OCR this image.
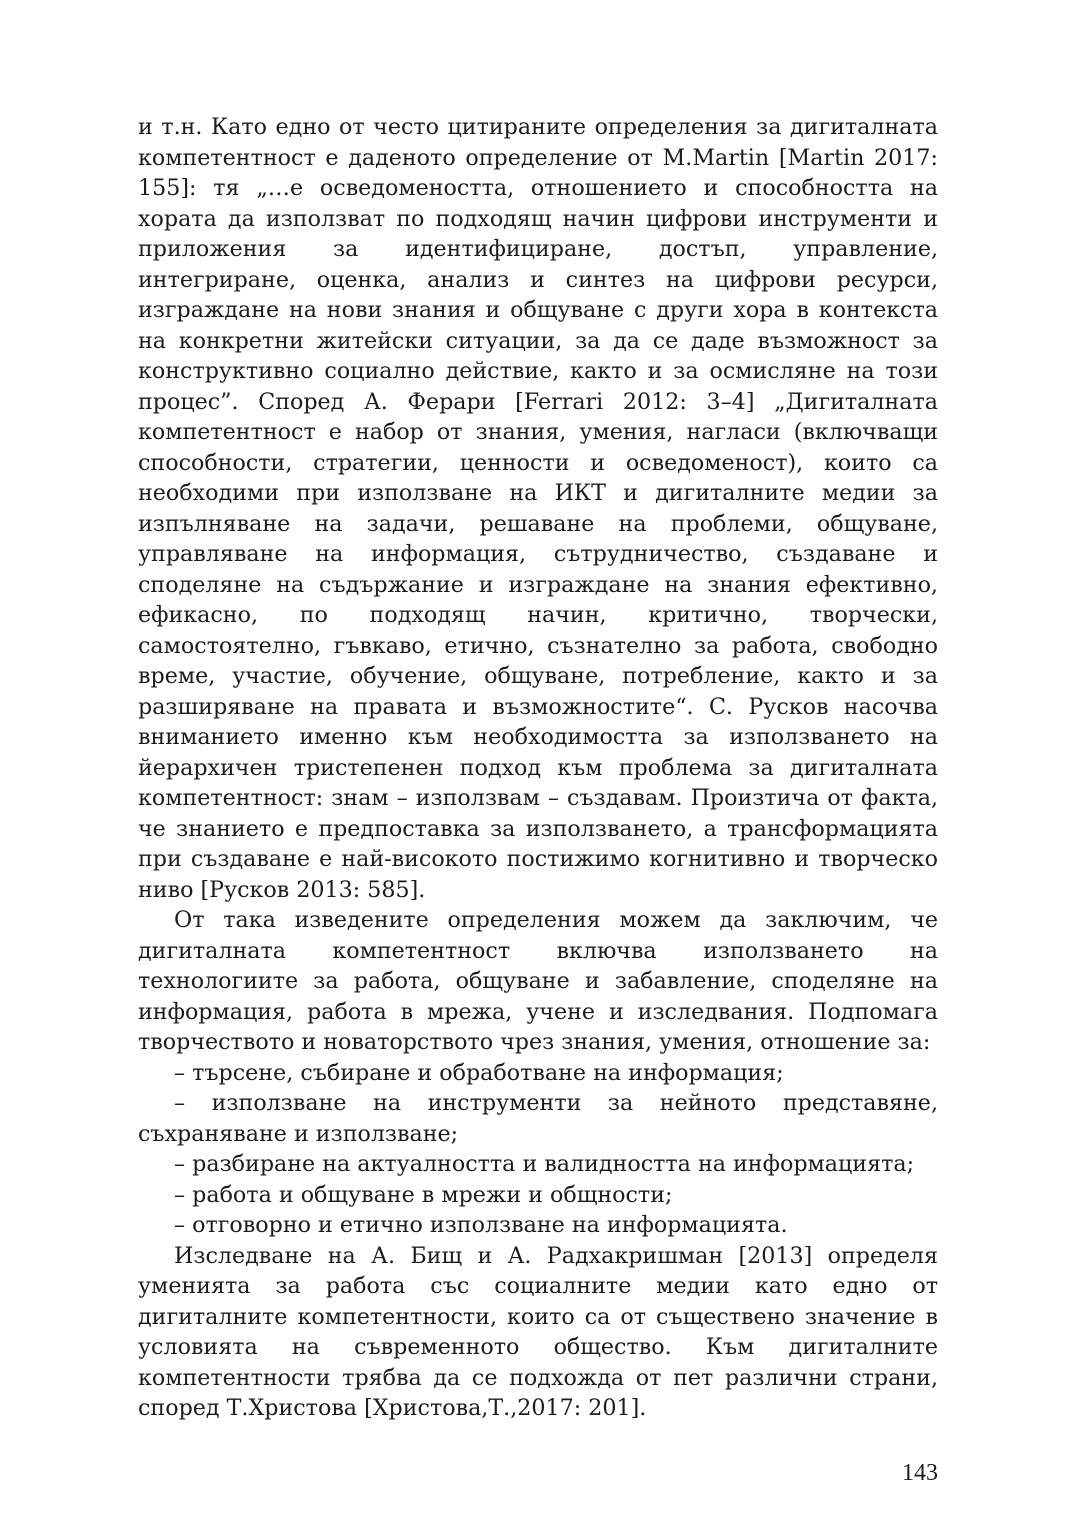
и т.н. Като едно от често цитираните определения за дигиталната компетентност е даденото определение от M.Martin [Martin 2017: 155]: тя „…е осведомеността, отношението и способността на хората да използват по подходящ начин цифрови инструменти и приложения за идентифициране, достъп, управление, интегриране, оценка, анализ и синтез на цифрови ресурси, изграждане на нови знания и общуване с други хора в контекста на конкретни житейски ситуации, за да се даде възможност за конструктивно социално действие, както и за осмисляне на този процес”. Според А. Ферари [Ferrari 2012: 3–4] „Дигиталната компетентност е набор от знания, умения, нагласи (включващи способности, стратегии, ценности и осведоменост), които са необходими при използване на ИКТ и дигиталните медии за изпълняване на задачи, решаване на проблеми, общуване, управляване на информация, сътрудничество, създаване и споделяне на съдържание и изграждане на знания ефективно, ефикасно, по подходящ начин, критично, творчески, самостоятелно, гъвкаво, етично, съзнателно за работа, свободно време, участие, обучение, общуване, потребление, както и за разширяване на правата и възможностите“. С. Русков насочва вниманието именно към необходимостта за използването на йерархичен тристепенен подход към проблема за дигиталната компетентност: знам – използвам – създавам. Произтича от факта, че знанието е предпоставка за използването, а трансформацията при създаване е най-високото постижимо когнитивно и творческо ниво [Русков 2013: 585].

От така изведените определения можем да заключим, че дигиталната компетентност включва използването на технологиите за работа, общуване и забавление, споделяне на информация, работа в мрежа, учене и изследвания. Подпомага творчеството и новаторството чрез знания, умения, отношение за:

– търсене, събиране и обработване на информация;

– използване на инструменти за нейното представяне, съхраняване и използване;

– разбиране на актуалността и валидността на информацията;

– работа и общуване в мрежи и общности;

– отговорно и етично използване на информацията.

Изследване на А. Бищ и А. Радхакришман [2013] определя уменията за работа със социалните медии като едно от дигиталните компетентности, които са от съществено значение в условията на съвременното общество. Към дигиталните компетентности трябва да се подхожда от пет различни страни, според Т.Христова [Христова,Т.,2017: 201].

143
